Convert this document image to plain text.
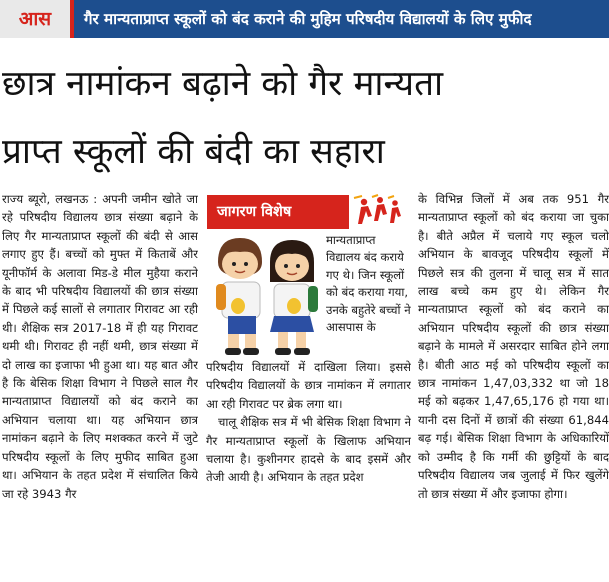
आस	गैर मान्यताप्राप्त स्कूलों को बंद कराने की मुहिम परिषदीय विद्यालयों के लिए मुफीद
छात्र नामांकन बढ़ाने को गैर मान्यता
प्राप्त स्कूलों की बंदी का सहारा

राज्य ब्यूरो, लखनऊ : अपनी जमीन खोते जा रहे परिषदीय विद्यालय छात्र संख्या बढ़ाने के लिए गैर मान्यताप्राप्त स्कूलों की बंदी से आस लगाए हुए हैं। बच्चों को मुफ्त में किताबें और यूनीफॉर्म के अलावा मिड-डे मील मुहैया कराने के बाद भी परिषदीय विद्यालयों की छात्र संख्या में पिछले कई सालों से लगातार गिरावट आ रही थी। शैक्षिक सत्र 2017-18 में ही यह गिरावट थमी थी। गिरावट ही नहीं थमी, छात्र संख्या में दो लाख का इजाफा भी हुआ था। यह बात और है कि बेसिक शिक्षा विभाग ने पिछले साल गैर मान्यताप्राप्त विद्यालयों को बंद कराने का अभियान चलाया था। यह अभियान छात्र नामांकन बढ़ाने के लिए मशक्कत करने में जुटे परिषदीय स्कूलों के लिए मुफीद साबित हुआ था। अभियान के तहत प्रदेश में संचालित किये जा रहे 3943 गैर

जागरण विशेष

मान्यताप्राप्त विद्यालय बंद कराये गए थे। जिन स्कूलों को बंद कराया गया, उनके बहुतेरे बच्चों ने आसपास के

परिषदीय विद्यालयों में दाखिला लिया। इससे परिषदीय विद्यालयों के छात्र नामांकन में लगातार आ रही गिरावट पर ब्रेक लगा था।

चालू शैक्षिक सत्र में भी बेसिक शिक्षा विभाग ने गैर मान्यताप्राप्त स्कूलों के खिलाफ अभियान चलाया है। कुशीनगर हादसे के बाद इसमें और तेजी आयी है। अभियान के तहत प्रदेश

के विभिन्न जिलों में अब तक 951 गैर मान्यताप्राप्त स्कूलों को बंद कराया जा चुका है। बीते अप्रैल में चलाये गए स्कूल चलो अभियान के बावजूद परिषदीय स्कूलों में पिछले सत्र की तुलना में चालू सत्र में सात लाख बच्चे कम हुए थे। लेकिन गैर मान्यताप्राप्त स्कूलों को बंद कराने का अभियान परिषदीय स्कूलों की छात्र संख्या बढ़ाने के मामले में असरदार साबित होने लगा है। बीती आठ मई को परिषदीय स्कूलों का छात्र नामांकन 1,47,03,332 था जो 18 मई को बढ़कर 1,47,65,176 हो गया था। यानी दस दिनों में छात्रों की संख्या 61,844 बढ़ गई। बेसिक शिक्षा विभाग के अधिकारियों को उम्मीद है कि गर्मी की छुट्टियों के बाद परिषदीय विद्यालय जब जुलाई में फिर खुलेंगे तो छात्र संख्या में और इजाफा होगा।
